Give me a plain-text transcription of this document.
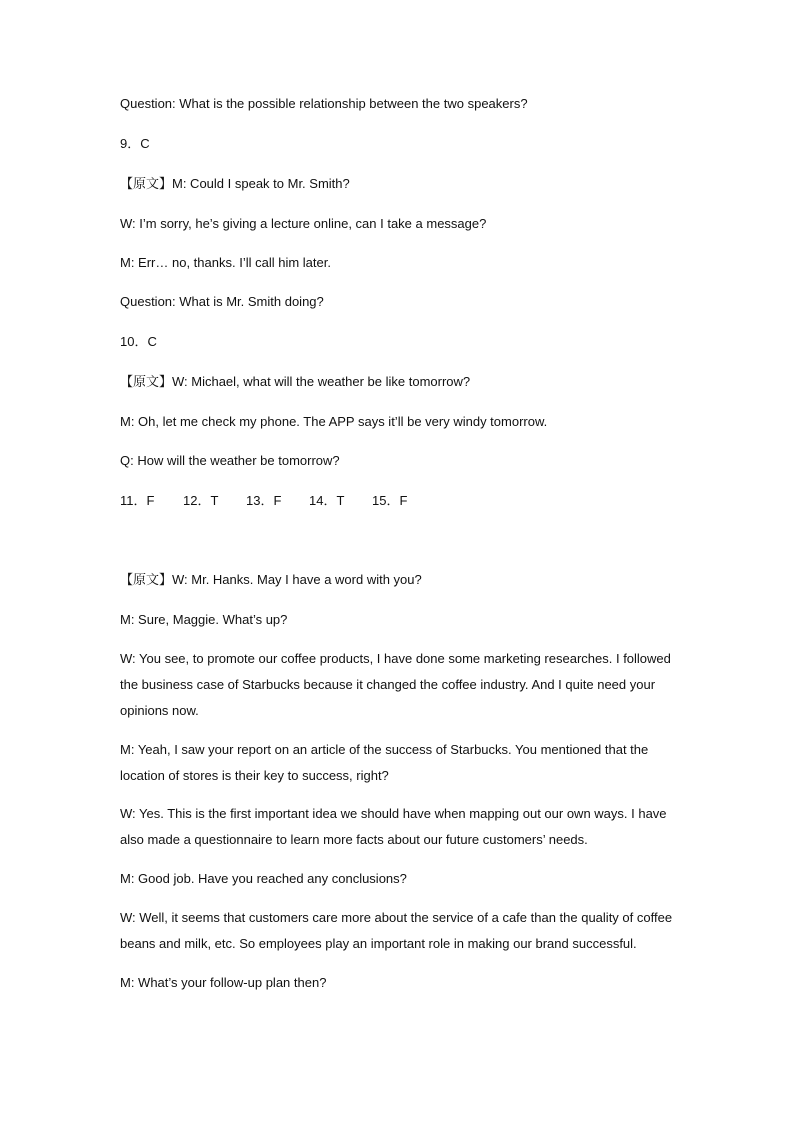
Question: What is the possible relationship between the two speakers?
9．C
【原文】M: Could I speak to Mr. Smith?
W: I’m sorry, he’s giving a lecture online, can I take a message?
M: Err… no, thanks. I’ll call him later.
Question: What is Mr. Smith doing?
10．C
【原文】W: Michael, what will the weather be like tomorrow?
M: Oh, let me check my phone. The APP says it’ll be very windy tomorrow.
Q: How will the weather be tomorrow?
11．F 12．T 13．F 14．T 15．F
【原文】W: Mr. Hanks. May I have a word with you?
M: Sure, Maggie. What’s up?
W: You see, to promote our coffee products, I have done some marketing researches. I followed the business case of Starbucks because it changed the coffee industry. And I quite need your opinions now.
M: Yeah, I saw your report on an article of the success of Starbucks. You mentioned that the location of stores is their key to success, right?
W: Yes. This is the first important idea we should have when mapping out our own ways. I have also made a questionnaire to learn more facts about our future customers’ needs.
M: Good job. Have you reached any conclusions?
W: Well, it seems that customers care more about the service of a cafe than the quality of coffee beans and milk, etc. So employees play an important role in making our brand successful.
M: What’s your follow-up plan then?
